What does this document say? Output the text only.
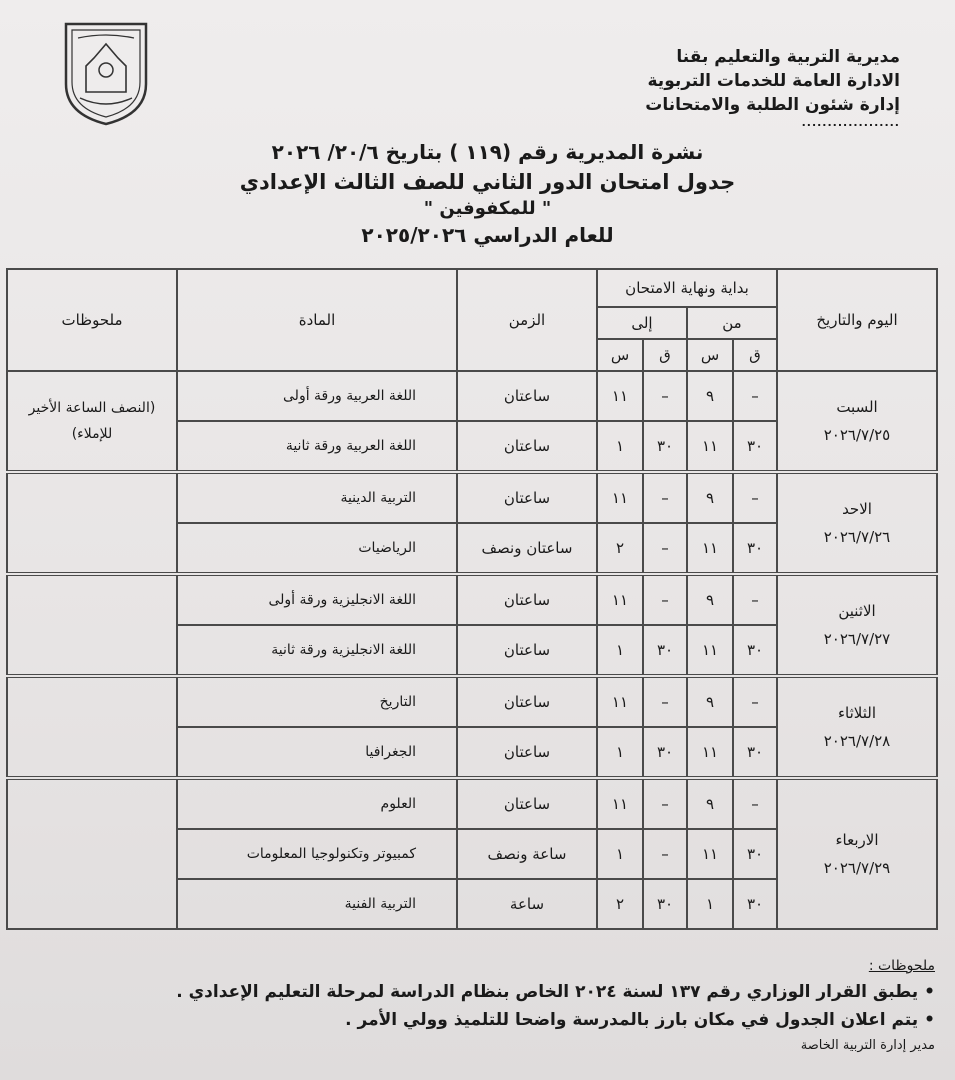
مديرية التربية والتعليم بقنا
الادارة العامة للخدمات التربوية
إدارة شئون الطلبة والامتحانات
...................
نشرة المديرية رقم (١١٩ ) بتاريخ ٢٠/٦/ ٢٠٢٦
جدول امتحان الدور الثاني للصف الثالث الإعدادي
" للمكفوفين "
للعام الدراسي ٢٠٢٥/٢٠٢٦
اليوم والتاريخ	بداية ونهاية الامتحان				الزمن	المادة	ملحوظات
	من		إلى				
	ق	س	ق	س			

السبت
٢٠٢٦/٧/٢٥	–	٩	–	١١	ساعتان	اللغة العربية ورقة أولى	(النصف الساعة الأخير للإملاء)
	٣٠	١١	٣٠	١	ساعتان	اللغة العربية ورقة ثانية	

الاحد
٢٠٢٦/٧/٢٦	–	٩	–	١١	ساعتان	التربية الدينية	
	٣٠	١١	–	٢	ساعتان ونصف	الرياضيات	

الاثنين
٢٠٢٦/٧/٢٧	–	٩	–	١١	ساعتان	اللغة الانجليزية ورقة أولى	
	٣٠	١١	٣٠	١	ساعتان	اللغة الانجليزية ورقة ثانية	

الثلاثاء
٢٠٢٦/٧/٢٨	–	٩	–	١١	ساعتان	التاريخ	
	٣٠	١١	٣٠	١	ساعتان	الجغرافيا	

الاربعاء
٢٠٢٦/٧/٢٩	–	٩	–	١١	ساعتان	العلوم	
	٣٠	١١	–	١	ساعة ونصف	كمبيوتر وتكنولوجيا المعلومات	
	٣٠	١	٣٠	٢	ساعة	التربية الفنية	
ملحوظات :
•يطبق القرار الوزاري رقم ١٣٧ لسنة ٢٠٢٤ الخاص بنظام الدراسة لمرحلة التعليم الإعدادي .
•يتم اعلان الجدول في مكان بارز بالمدرسة واضحا للتلميذ وولي الأمر .
مدير إدارة التربية الخاصة
